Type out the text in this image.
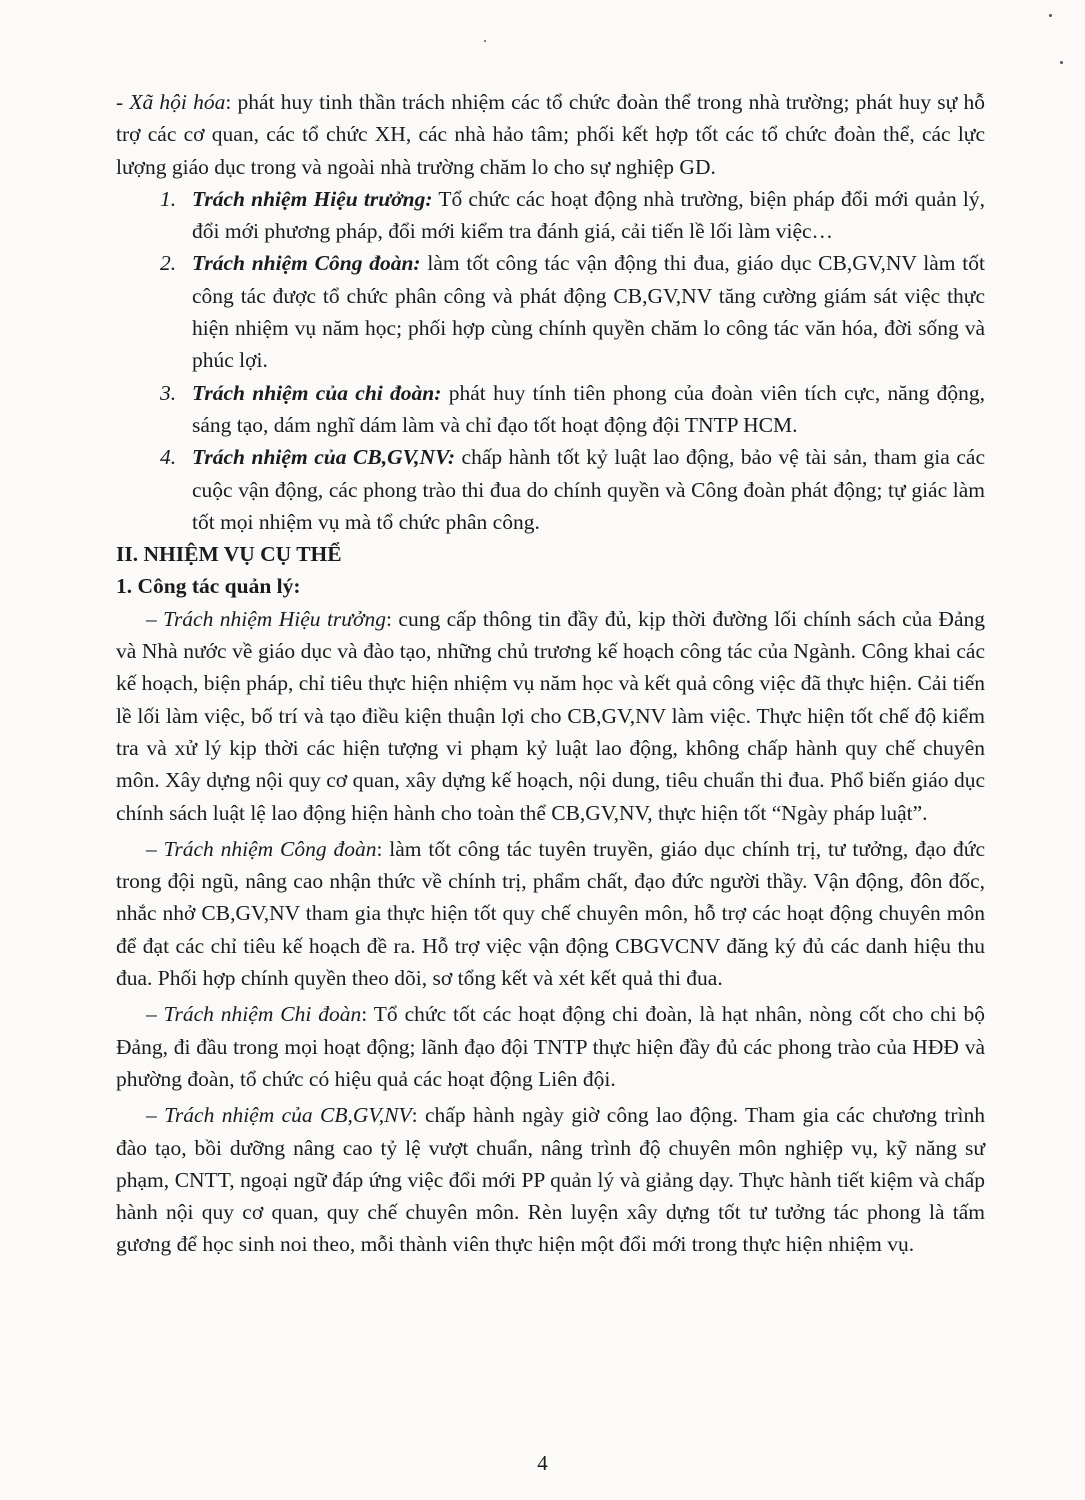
- Xã hội hóa: phát huy tinh thần trách nhiệm các tổ chức đoàn thể trong nhà trường; phát huy sự hỗ trợ các cơ quan, các tổ chức XH, các nhà hảo tâm; phối kết hợp tốt các tổ chức đoàn thể, các lực lượng giáo dục trong và ngoài nhà trường chăm lo cho sự nghiệp GD.

1. Trách nhiệm Hiệu trưởng: Tổ chức các hoạt động nhà trường, biện pháp đổi mới quản lý, đổi mới phương pháp, đổi mới kiểm tra đánh giá, cải tiến lề lối làm việc…
2. Trách nhiệm Công đoàn: làm tốt công tác vận động thi đua, giáo dục CB,GV,NV làm tốt công tác được tổ chức phân công và phát động CB,GV,NV tăng cường giám sát việc thực hiện nhiệm vụ năm học; phối hợp cùng chính quyền chăm lo công tác văn hóa, đời sống và phúc lợi.
3. Trách nhiệm của chi đoàn: phát huy tính tiên phong của đoàn viên tích cực, năng động, sáng tạo, dám nghĩ dám làm và chỉ đạo tốt hoạt động đội TNTP HCM.
4. Trách nhiệm của CB,GV,NV: chấp hành tốt kỷ luật lao động, bảo vệ tài sản, tham gia các cuộc vận động, các phong trào thi đua do chính quyền và Công đoàn phát động; tự giác làm tốt mọi nhiệm vụ mà tổ chức phân công.

II. NHIỆM VỤ CỤ THỂ

1. Công tác quản lý:

– Trách nhiệm Hiệu trưởng: cung cấp thông tin đầy đủ, kịp thời đường lối chính sách của Đảng và Nhà nước về giáo dục và đào tạo, những chủ trương kế hoạch công tác của Ngành. Công khai các kế hoạch, biện pháp, chỉ tiêu thực hiện nhiệm vụ năm học và kết quả công việc đã thực hiện. Cải tiến lề lối làm việc, bố trí và tạo điều kiện thuận lợi cho CB,GV,NV làm việc. Thực hiện tốt chế độ kiểm tra và xử lý kịp thời các hiện tượng vi phạm kỷ luật lao động, không chấp hành quy chế chuyên môn. Xây dựng nội quy cơ quan, xây dựng kế hoạch, nội dung, tiêu chuẩn thi đua. Phổ biến giáo dục chính sách luật lệ lao động hiện hành cho toàn thể CB,GV,NV, thực hiện tốt “Ngày pháp luật”.

– Trách nhiệm Công đoàn: làm tốt công tác tuyên truyền, giáo dục chính trị, tư tưởng, đạo đức trong đội ngũ, nâng cao nhận thức về chính trị, phẩm chất, đạo đức người thầy. Vận động, đôn đốc, nhắc nhở CB,GV,NV tham gia thực hiện tốt quy chế chuyên môn, hỗ trợ các hoạt động chuyên môn để đạt các chỉ tiêu kế hoạch đề ra. Hỗ trợ việc vận động CBGVCNV đăng ký đủ các danh hiệu thu đua. Phối hợp chính quyền theo dõi, sơ tổng kết và xét kết quả thi đua.

– Trách nhiệm Chi đoàn: Tổ chức tốt các hoạt động chi đoàn, là hạt nhân, nòng cốt cho chi bộ Đảng, đi đầu trong mọi hoạt động; lãnh đạo đội TNTP thực hiện đầy đủ các phong trào của HĐĐ và phường đoàn, tổ chức có hiệu quả các hoạt động Liên đội.

– Trách nhiệm của CB,GV,NV: chấp hành ngày giờ công lao động. Tham gia các chương trình đào tạo, bồi dưỡng nâng cao tỷ lệ vượt chuẩn, nâng trình độ chuyên môn nghiệp vụ, kỹ năng sư phạm, CNTT, ngoại ngữ đáp ứng việc đổi mới PP quản lý và giảng dạy. Thực hành tiết kiệm và chấp hành nội quy cơ quan, quy chế chuyên môn. Rèn luyện xây dựng tốt tư tưởng tác phong là tấm gương để học sinh noi theo, mỗi thành viên thực hiện một đổi mới trong thực hiện nhiệm vụ.

4
